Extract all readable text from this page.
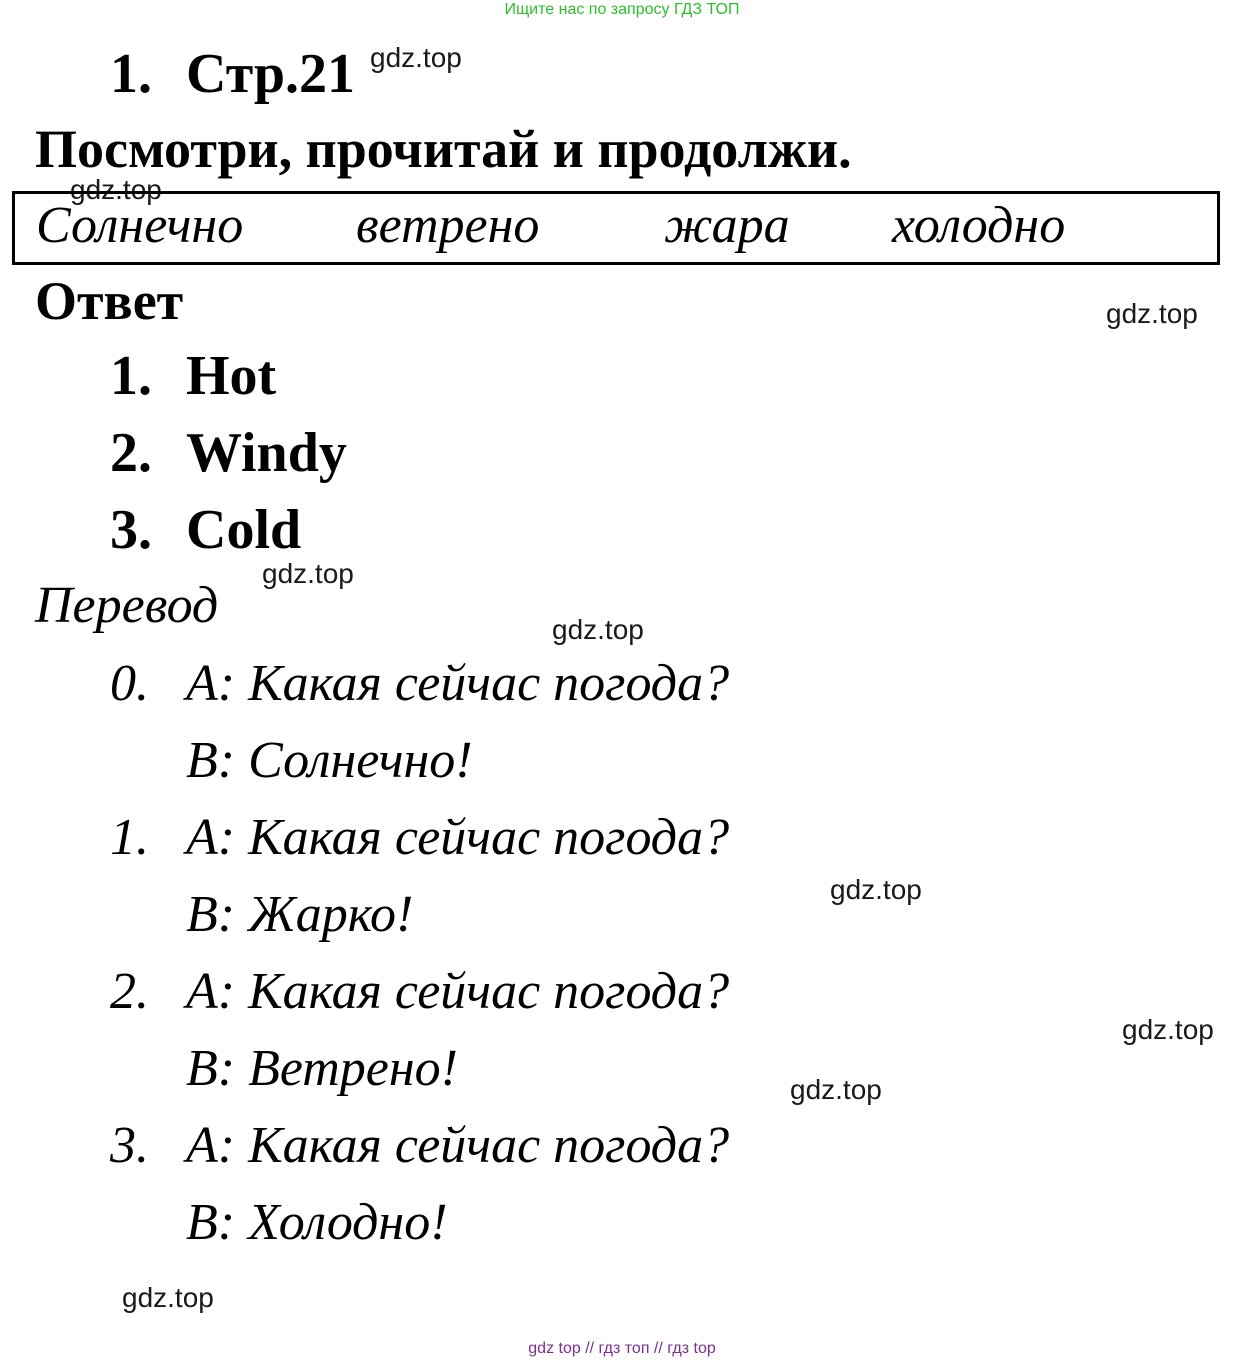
Ищите нас по запросу ГДЗ ТОП
1. Стр.21 gdz.top
Посмотри, прочитай и продолжи.
gdz.top
Солнечно ветрено жара холодно
Ответ	gdz.top
1. Hot
2. Windy
3. Cold
gdz.top
Перевод	gdz.top
0. A: Какая сейчас погода?
B: Солнечно!
1. A: Какая сейчас погода?
B: Жарко!	gdz.top
2. A: Какая сейчас погода?
B: Ветрено!
gdz.top
gdz.top
3. A: Какая сейчас погода?
B: Холодно!
gdz.top
gdz top // гдз топ // гдз top
